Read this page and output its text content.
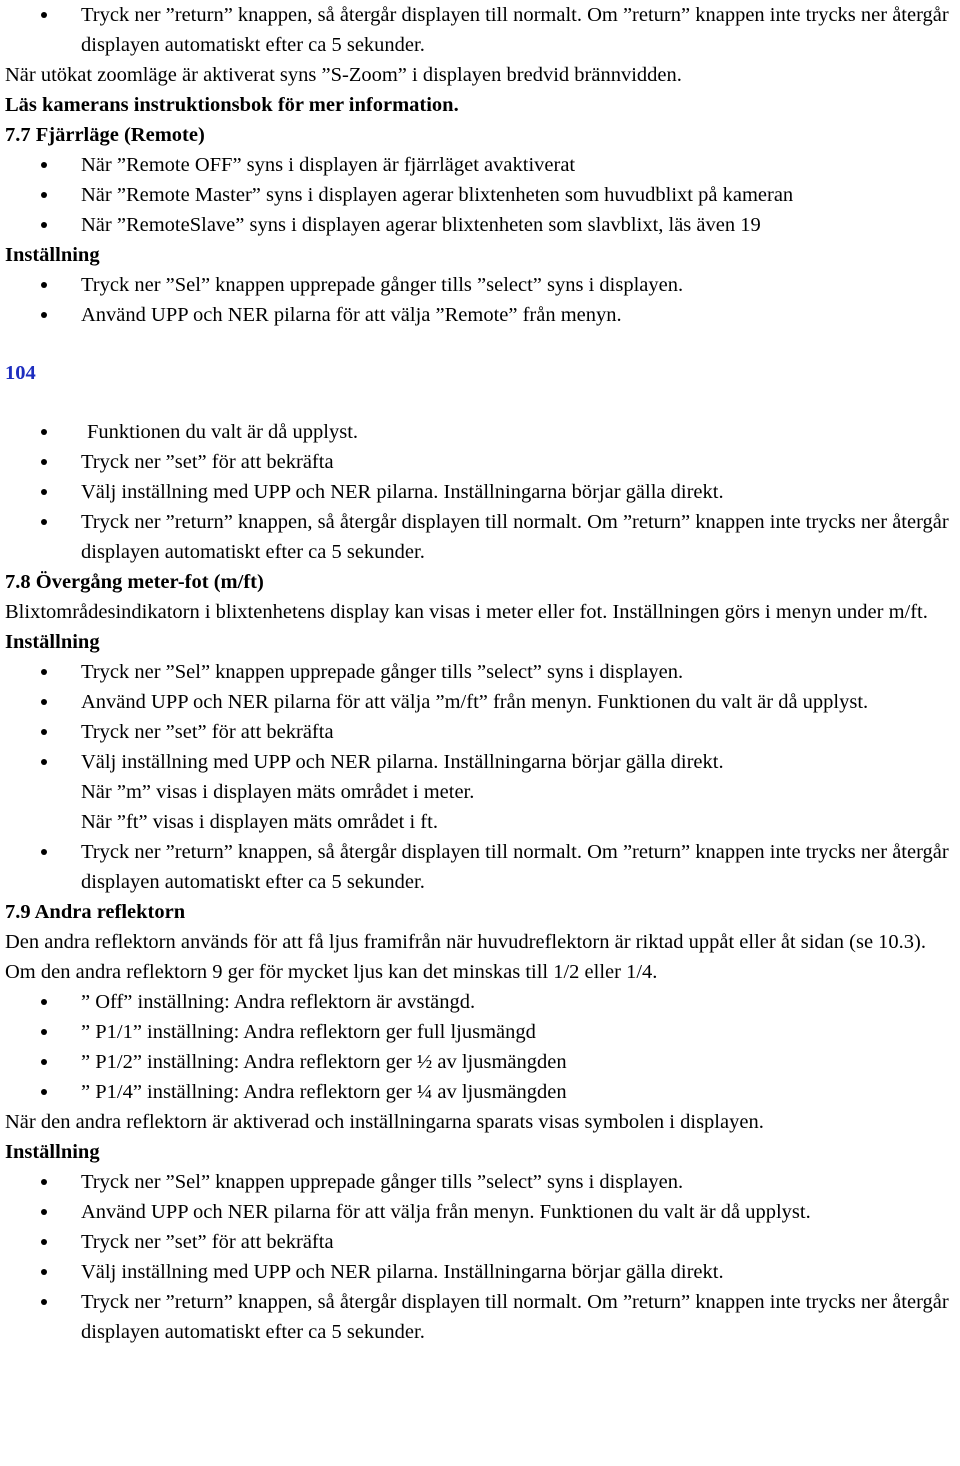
Tryck ner ”return” knappen, så återgår displayen till normalt. Om ”return” knappen inte trycks ner återgår displayen automatiskt efter ca 5 sekunder.

När utökat zoomläge är aktiverat syns ”S-Zoom” i displayen bredvid brännvidden.

Läs kamerans instruktionsbok för mer information.

7.7 Fjärrläge (Remote)

När ”Remote OFF” syns i displayen är fjärrläget avaktiverat
När ”Remote Master” syns i displayen agerar blixtenheten som huvudblixt på kameran
När ”RemoteSlave” syns i displayen agerar blixtenheten som slavblixt, läs även 19

Inställning

Tryck ner ”Sel” knappen upprepade gånger tills ”select” syns i displayen.
Använd UPP och NER pilarna för att välja ”Remote” från menyn.

104

Funktionen du valt är då upplyst.
Tryck ner ”set” för att bekräfta
Välj inställning med UPP och NER pilarna. Inställningarna börjar gälla direkt.
Tryck ner ”return” knappen, så återgår displayen till normalt. Om ”return” knappen inte trycks ner återgår displayen automatiskt efter ca 5 sekunder.

7.8 Övergång meter-fot (m/ft)

Blixtområdesindikatorn i blixtenhetens display kan visas i meter eller fot. Inställningen görs i menyn under m/ft.

Inställning

Tryck ner ”Sel” knappen upprepade gånger tills ”select” syns i displayen.
Använd UPP och NER pilarna för att välja ”m/ft” från menyn. Funktionen du valt är då upplyst.
Tryck ner ”set” för att bekräfta
Välj inställning med UPP och NER pilarna. Inställningarna börjar gälla direkt.

När ”m” visas i displayen mäts området i meter.

När ”ft” visas i displayen mäts området i ft.

Tryck ner ”return” knappen, så återgår displayen till normalt. Om ”return” knappen inte trycks ner återgår displayen automatiskt efter ca 5 sekunder.

7.9 Andra reflektorn

Den andra reflektorn används för att få ljus framifrån när huvudreflektorn är riktad uppåt eller åt sidan (se 10.3).

Om den andra reflektorn 9 ger för mycket ljus kan det minskas till 1/2 eller 1/4.

” Off” inställning: Andra reflektorn är avstängd.
” P1/1” inställning: Andra reflektorn ger full ljusmängd
” P1/2” inställning: Andra reflektorn ger ½ av ljusmängden
” P1/4” inställning: Andra reflektorn ger ¼ av ljusmängden

När den andra reflektorn är aktiverad och inställningarna sparats visas symbolen i displayen.

Inställning

Tryck ner ”Sel” knappen upprepade gånger tills ”select” syns i displayen.
Använd UPP och NER pilarna för att välja från menyn. Funktionen du valt är då upplyst.
Tryck ner ”set” för att bekräfta
Välj inställning med UPP och NER pilarna. Inställningarna börjar gälla direkt.
Tryck ner ”return” knappen, så återgår displayen till normalt. Om ”return” knappen inte trycks ner återgår displayen automatiskt efter ca 5 sekunder.
